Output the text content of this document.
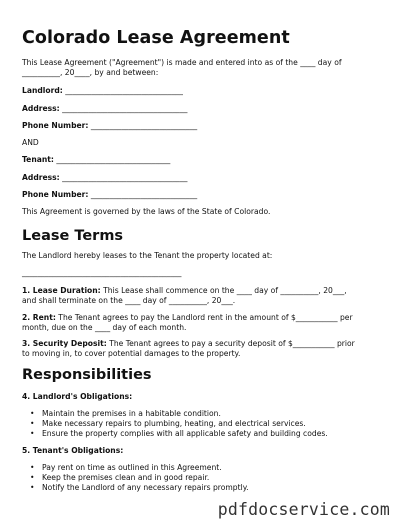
Colorado Lease Agreement
This Lease Agreement ("Agreement") is made and entered into as of the ____ day of
__________, 20____, by and between:
Landlord: _______________________________
Address: _________________________________
Phone Number: ____________________________
AND
Tenant: ______________________________
Address: _________________________________
Phone Number: ____________________________
This Agreement is governed by the laws of the State of Colorado.
Lease Terms
The Landlord hereby leases to the Tenant the property located at:
__________________________________________
1. Lease Duration: This Lease shall commence on the ____ day of __________, 20___,
and shall terminate on the ____ day of __________, 20___.
2. Rent: The Tenant agrees to pay the Landlord rent in the amount of $___________ per
month, due on the ____ day of each month.
3. Security Deposit: The Tenant agrees to pay a security deposit of $___________ prior
to moving in, to cover potential damages to the property.
Responsibilities
4. Landlord's Obligations:
• Maintain the premises in a habitable condition.
• Make necessary repairs to plumbing, heating, and electrical services.
• Ensure the property complies with all applicable safety and building codes.
5. Tenant's Obligations:
• Pay rent on time as outlined in this Agreement.
• Keep the premises clean and in good repair.
• Notify the Landlord of any necessary repairs promptly.
pdfdocservice.com
